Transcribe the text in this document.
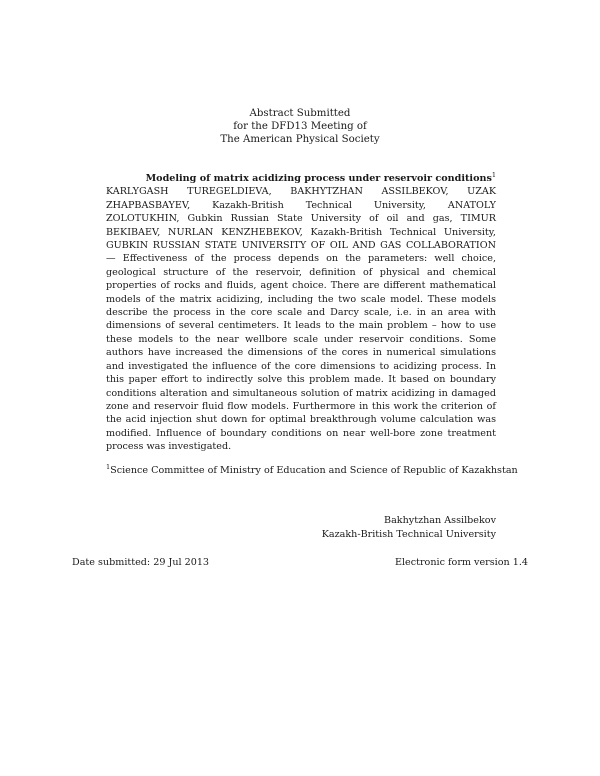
Abstract Submitted
for the DFD13 Meeting of
The American Physical Society
Modeling of matrix acidizing process under reservoir conditions$^1$
KARLYGASH TUREGELDIEVA, BAKHYTZHAN ASSILBEKOV, UZAK ZHAPBASBAYEV, Kazakh-British Technical University, ANATOLY ZOLOTUKHIN, Gubkin Russian State University of oil and gas, TIMUR BEKIBAEV, NURLAN KENZHEBEKOV, Kazakh-British Technical University, GUBKIN RUSSIAN STATE UNIVERSITY OF OIL AND GAS COLLABORATION — Effectiveness of the process depends on the parameters: well choice, geological structure of the reservoir, definition of physical and chemical properties of rocks and fluids, agent choice. There are different mathematical models of the matrix acidizing, including the two scale model. These models describe the process in the core scale and Darcy scale, i.e. in an area with dimensions of several centimeters. It leads to the main problem – how to use these models to the near wellbore scale under reservoir conditions. Some authors have increased the dimensions of the cores in numerical simulations and investigated the influence of the core dimensions to acidizing process. In this paper effort to indirectly solve this problem made. It based on boundary conditions alteration and simultaneous solution of matrix acidizing in damaged zone and reservoir fluid flow models. Furthermore in this work the criterion of the acid injection shut down for optimal breakthrough volume calculation was modified. Influence of boundary conditions on near well-bore zone treatment process was investigated.
$^1$Science Committee of Ministry of Education and Science of Republic of Kazakhstan
Bakhytzhan Assilbekov
Kazakh-British Technical University
Date submitted: 29 Jul 2013	Electronic form version 1.4
